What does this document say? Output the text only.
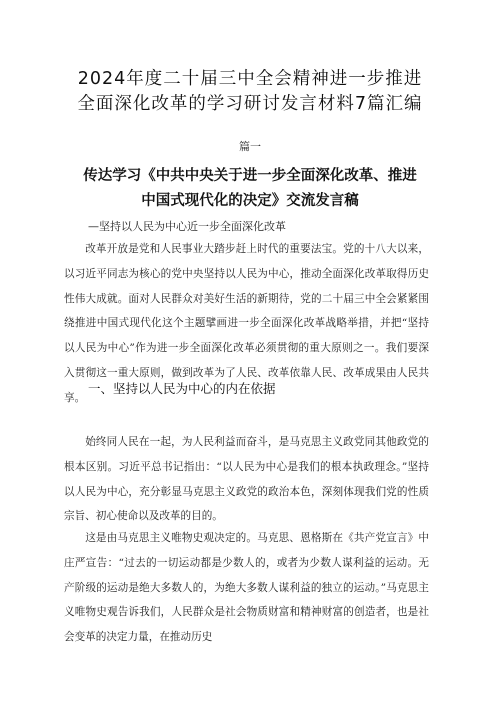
2024年度二十届三中全会精神进一步推进
全面深化改革的学习研讨发言材料7篇汇编
篇一
传达学习《中共中央关于进一步全面深化改革、推进
中国式现代化的决定》交流发言稿
—坚持以人民为中心近一步全面深化改革

改革开放是党和人民事业大踏步赶上时代的重要法宝。党的十八大以来，以习近平同志为核心的党中央坚持以人民为中心，推动全面深化改革取得历史性伟大成就。面对人民群众对美好生活的新期待，党的二十届三中全会紧紧围绕推进中国式现代化这个主题擘画进一步全面深化改革战略举措，并把“坚持以人民为中心”作为进一步全面深化改革必须贯彻的重大原则之一。我们要深入贯彻这一重大原则，做到改革为了人民、改革依靠人民、改革成果由人民共享。

一、坚持以人民为中心的内在依据

始终同人民在一起，为人民利益而奋斗，是马克思主义政党同其他政党的根本区别。习近平总书记指出：“以人民为中心是我们的根本执政理念。”坚持以人民为中心，充分彰显马克思主义政党的政治本色，深刻体现我们党的性质宗旨、初心使命以及改革的目的。

这是由马克思主义唯物史观决定的。马克思、恩格斯在《共产党宣言》中庄严宣告：“过去的一切运动都是少数人的，或者为少数人谋利益的运动。无产阶级的运动是绝大多数人的，为绝大多数人谋利益的独立的运动。”马克思主义唯物史观告诉我们，人民群众是社会物质财富和精神财富的创造者，也是社会变革的决定力量，在推动历史
